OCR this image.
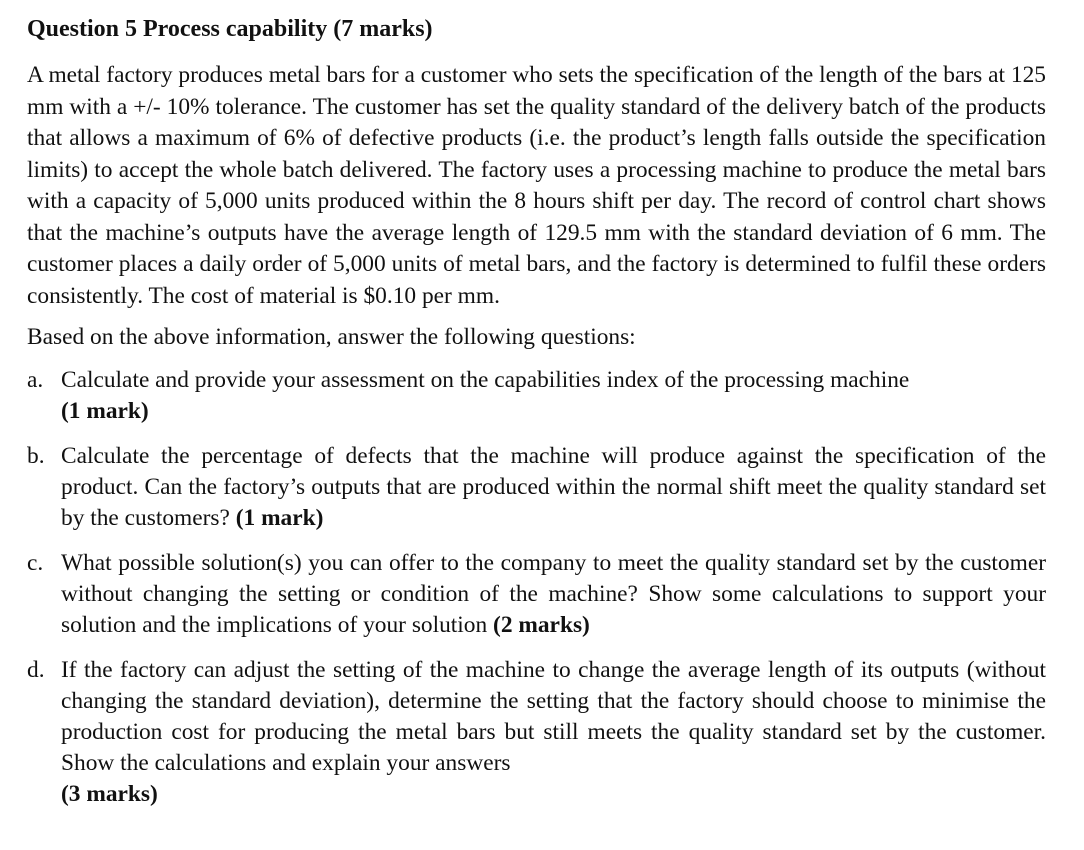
Question 5 Process capability (7 marks)

A metal factory produces metal bars for a customer who sets the specification of the length of the bars at 125 mm with a +/- 10% tolerance. The customer has set the quality standard of the delivery batch of the products that allows a maximum of 6% of defective products (i.e. the product’s length falls outside the specification limits) to accept the whole batch delivered. The factory uses a processing machine to produce the metal bars with a capacity of 5,000 units produced within the 8 hours shift per day. The record of control chart shows that the machine’s outputs have the average length of 129.5 mm with the standard deviation of 6 mm. The customer places a daily order of 5,000 units of metal bars, and the factory is determined to fulfil these orders consistently. The cost of material is $0.10 per mm.

Based on the above information, answer the following questions:

a. Calculate and provide your assessment on the capabilities index of the processing machine
(1 mark)
b. Calculate the percentage of defects that the machine will produce against the specification of the product. Can the factory’s outputs that are produced within the normal shift meet the quality standard set by the customers? (1 mark)
c. What possible solution(s) you can offer to the company to meet the quality standard set by the customer without changing the setting or condition of the machine? Show some calculations to support your solution and the implications of your solution (2 marks)
d. If the factory can adjust the setting of the machine to change the average length of its outputs (without changing the standard deviation), determine the setting that the factory should choose to minimise the production cost for producing the metal bars but still meets the quality standard set by the customer. Show the calculations and explain your answers
(3 marks)
